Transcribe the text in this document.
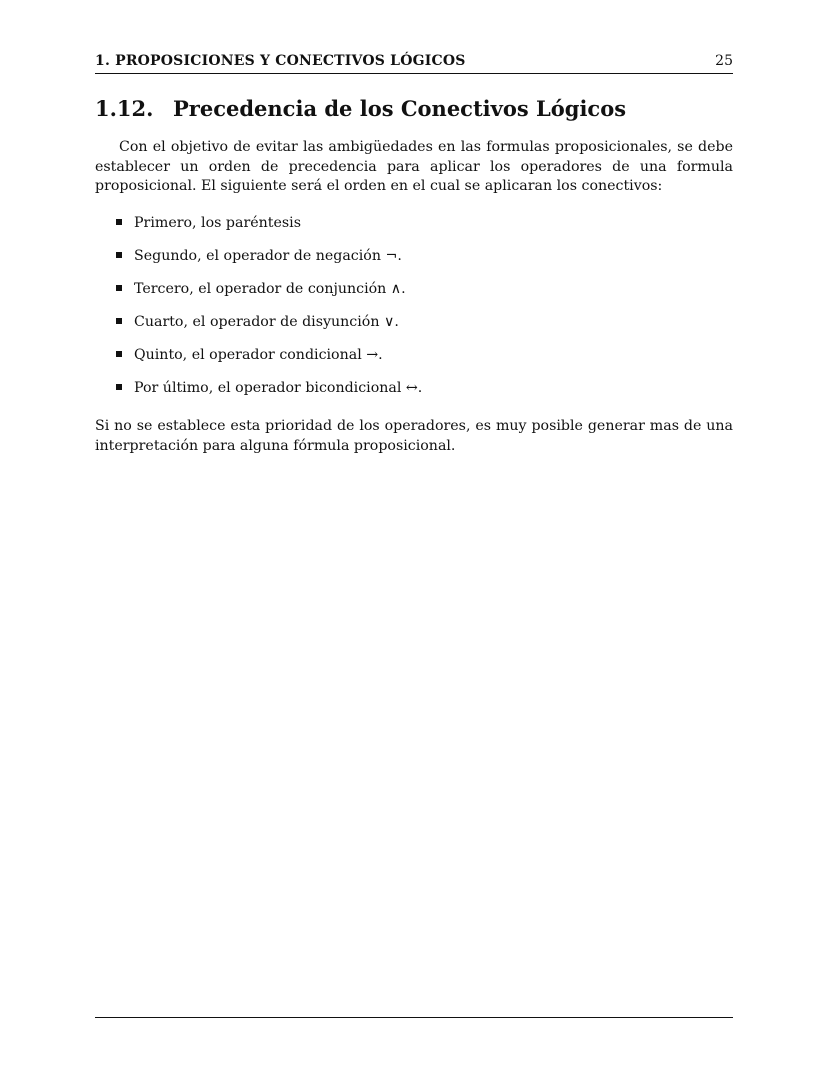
1. PROPOSICIONES Y CONECTIVOS LÓGICOS	25
1.12. Precedencia de los Conectivos Lógicos

Con el objetivo de evitar las ambigüedades en las formulas proposicionales, se debe establecer un orden de precedencia para aplicar los operadores de una formula proposicional. El siguiente será el orden en el cual se aplicaran los conectivos:

Primero, los paréntesis
Segundo, el operador de negación ¬.
Tercero, el operador de conjunción ∧.
Cuarto, el operador de disyunción ∨.
Quinto, el operador condicional →.
Por último, el operador bicondicional ↔.

Si no se establece esta prioridad de los operadores, es muy posible generar mas de una interpretación para alguna fórmula proposicional.
